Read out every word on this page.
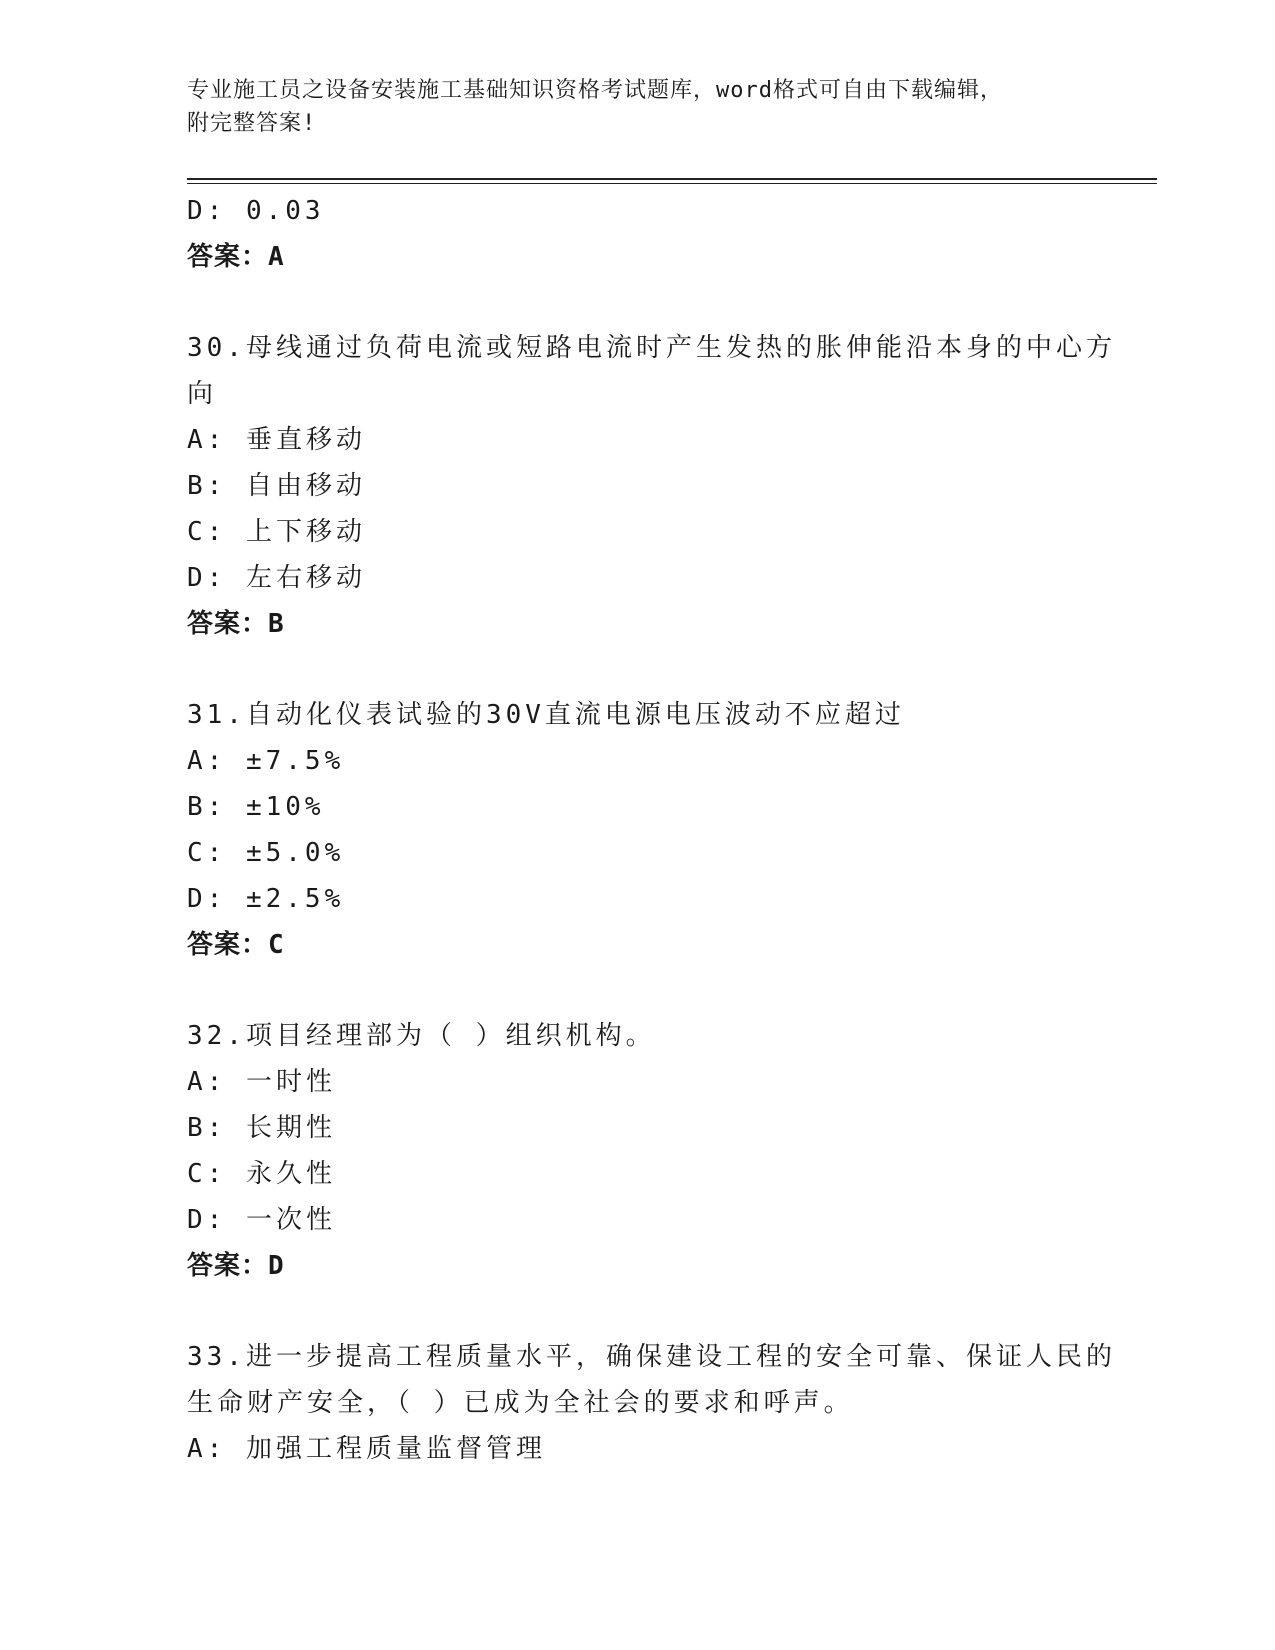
专业施工员之设备安装施工基础知识资格考试题库，word格式可自由下载编辑，
附完整答案!
D: 0.03
答案：A
30.母线通过负荷电流或短路电流时产生发热的胀伸能沿本身的中心方
向
A: 垂直移动
B: 自由移动
C: 上下移动
D: 左右移动
答案：B
31.自动化仪表试验的30V直流电源电压波动不应超过
A: ±7.5%
B: ±10%
C: ±5.0%
D: ±2.5%
答案：C
32.项目经理部为（ ）组织机构。
A: 一时性
B: 长期性
C: 永久性
D: 一次性
答案：D
33.进一步提高工程质量水平，确保建设工程的安全可靠、保证人民的
生命财产安全，（ ）已成为全社会的要求和呼声。
A: 加强工程质量监督管理
